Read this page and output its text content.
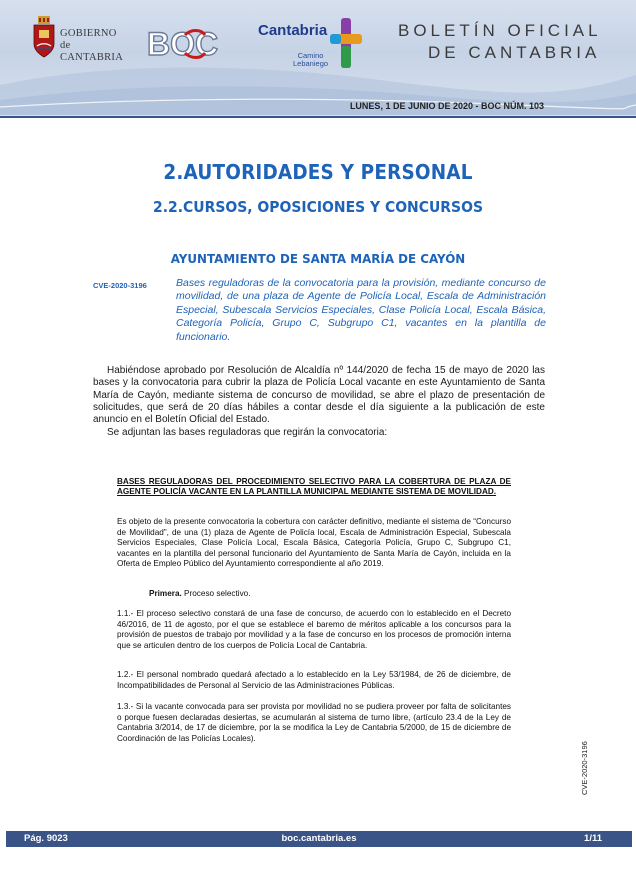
GOBIERNO
de
CANTABRIA BOC	Cantabria
Camino
Lebaniego
BOLETÍN OFICIAL
DE CANTABRIA
LUNES, 1 DE JUNIO DE 2020 - BOC NÚM. 103
2.AUTORIDADES Y PERSONAL
2.2.CURSOS, OPOSICIONES Y CONCURSOS
AYUNTAMIENTO DE SANTA MARÍA DE CAYÓN
CVE-2020-3196	Bases reguladoras de la convocatoria para la provisión, mediante concurso de movilidad, de una plaza de Agente de Policía Local, Escala de Administración Especial, Subescala Servicios Especiales, Clase Policía Local, Escala Básica, Categoría Policía, Grupo C, Subgrupo C1, vacantes en la plantilla de funcionario.
Habiéndose aprobado por Resolución de Alcaldía nº 144/2020 de fecha 15 de mayo de 2020 las bases y la convocatoria para cubrir la plaza de Policía Local vacante en este Ayuntamiento de Santa María de Cayón, mediante sistema de concurso de movilidad, se abre el plazo de presentación de solicitudes, que será de 20 días hábiles a contar desde el día siguiente a la publicación de este anuncio en el Boletín Oficial del Estado.
Se adjuntan las bases reguladoras que regirán la convocatoria:
BASES REGULADORAS DEL PROCEDIMIENTO SELECTIVO PARA LA COBERTURA DE PLAZA DE AGENTE POLICÍA VACANTE EN LA PLANTILLA MUNICIPAL MEDIANTE SISTEMA DE MOVILIDAD.
Es objeto de la presente convocatoria la cobertura con carácter definitivo, mediante el sistema de “Concurso de Movilidad”, de una (1) plaza de Agente de Policía local, Escala de Administración Especial, Subescala Servicios Especiales, Clase Policía Local, Escala Básica, Categoría Policía, Grupo C, Subgrupo C1, vacantes en la plantilla del personal funcionario del Ayuntamiento de Santa María de Cayón, incluida en la Oferta de Empleo Público del Ayuntamiento correspondiente al año 2019.
Primera. Proceso selectivo.
1.1.- El proceso selectivo constará de una fase de concurso, de acuerdo con lo establecido en el Decreto 46/2016, de 11 de agosto, por el que se establece el baremo de méritos aplicable a los concursos para la provisión de puestos de trabajo por movilidad y a la fase de concurso en los procesos de promoción interna que se articulen dentro de los cuerpos de Policía Local de Cantabria.
1.2.- El personal nombrado quedará afectado a lo establecido en la Ley 53/1984, de 26 de diciembre, de Incompatibilidades de Personal al Servicio de las Administraciones Públicas.
1.3.- Si la vacante convocada para ser provista por movilidad no se pudiera proveer por falta de solicitantes o porque fuesen declaradas desiertas, se acumularán al sistema de turno libre, (artículo 23.4 de la Ley de Cantabria 3/2014, de 17 de diciembre, por la se modifica la Ley de Cantabria 5/2000, de 15 de diciembre de Coordinación de las Policías Locales).
CVE-2020-3196
Pág. 9023	boc.cantabria.es	1/11
